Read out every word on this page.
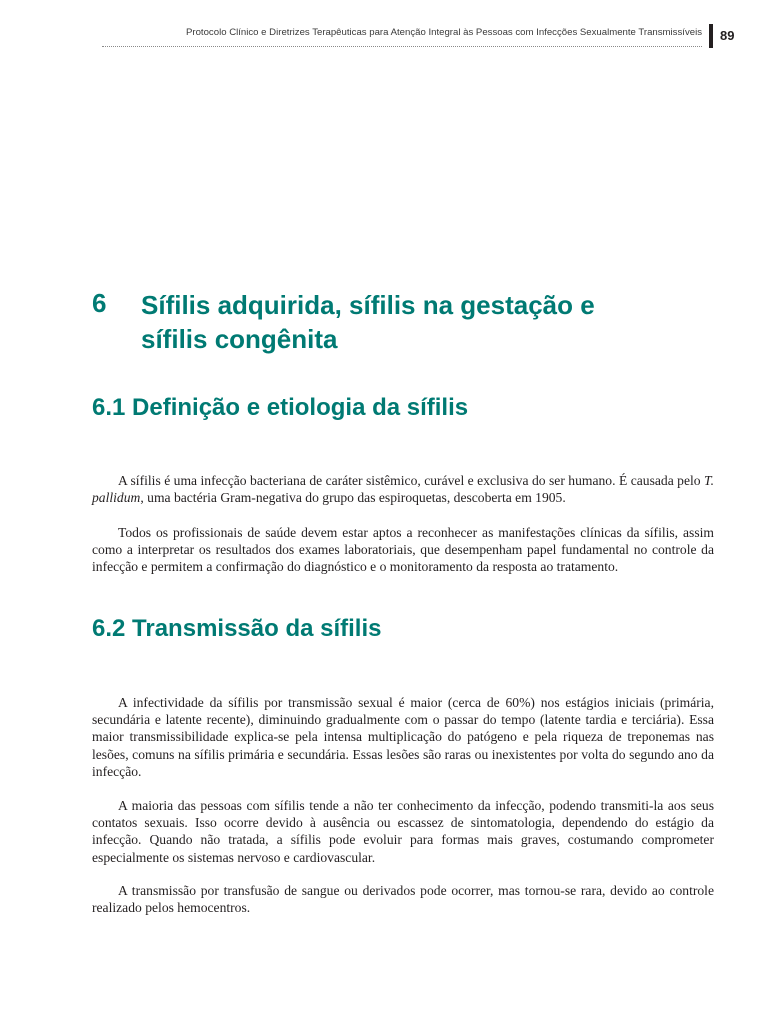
Protocolo Clínico e Diretrizes Terapêuticas para Atenção Integral às Pessoas com Infecções Sexualmente Transmissíveis 89
6 Sífilis adquirida, sífilis na gestação e
sífilis congênita
6.1 Definição e etiologia da sífilis

A sífilis é uma infecção bacteriana de caráter sistêmico, curável e exclusiva do ser humano. É causada pelo T. pallidum, uma bactéria Gram-negativa do grupo das espiroquetas, descoberta em 1905.

Todos os profissionais de saúde devem estar aptos a reconhecer as manifestações clínicas da sífilis, assim como a interpretar os resultados dos exames laboratoriais, que desempenham papel fundamental no controle da infecção e permitem a confirmação do diagnóstico e o monitoramento da resposta ao tratamento.

6.2 Transmissão da sífilis

A infectividade da sífilis por transmissão sexual é maior (cerca de 60%) nos estágios iniciais (primária, secundária e latente recente), diminuindo gradualmente com o passar do tempo (latente tardia e terciária). Essa maior transmissibilidade explica-se pela intensa multiplicação do patógeno e pela riqueza de treponemas nas lesões, comuns na sífilis primária e secundária. Essas lesões são raras ou inexistentes por volta do segundo ano da infecção.

A maioria das pessoas com sífilis tende a não ter conhecimento da infecção, podendo transmiti-la aos seus contatos sexuais. Isso ocorre devido à ausência ou escassez de sintomatologia, dependendo do estágio da infecção. Quando não tratada, a sífilis pode evoluir para formas mais graves, costumando comprometer especialmente os sistemas nervoso e cardiovascular.

A transmissão por transfusão de sangue ou derivados pode ocorrer, mas tornou-se rara, devido ao controle realizado pelos hemocentros.
